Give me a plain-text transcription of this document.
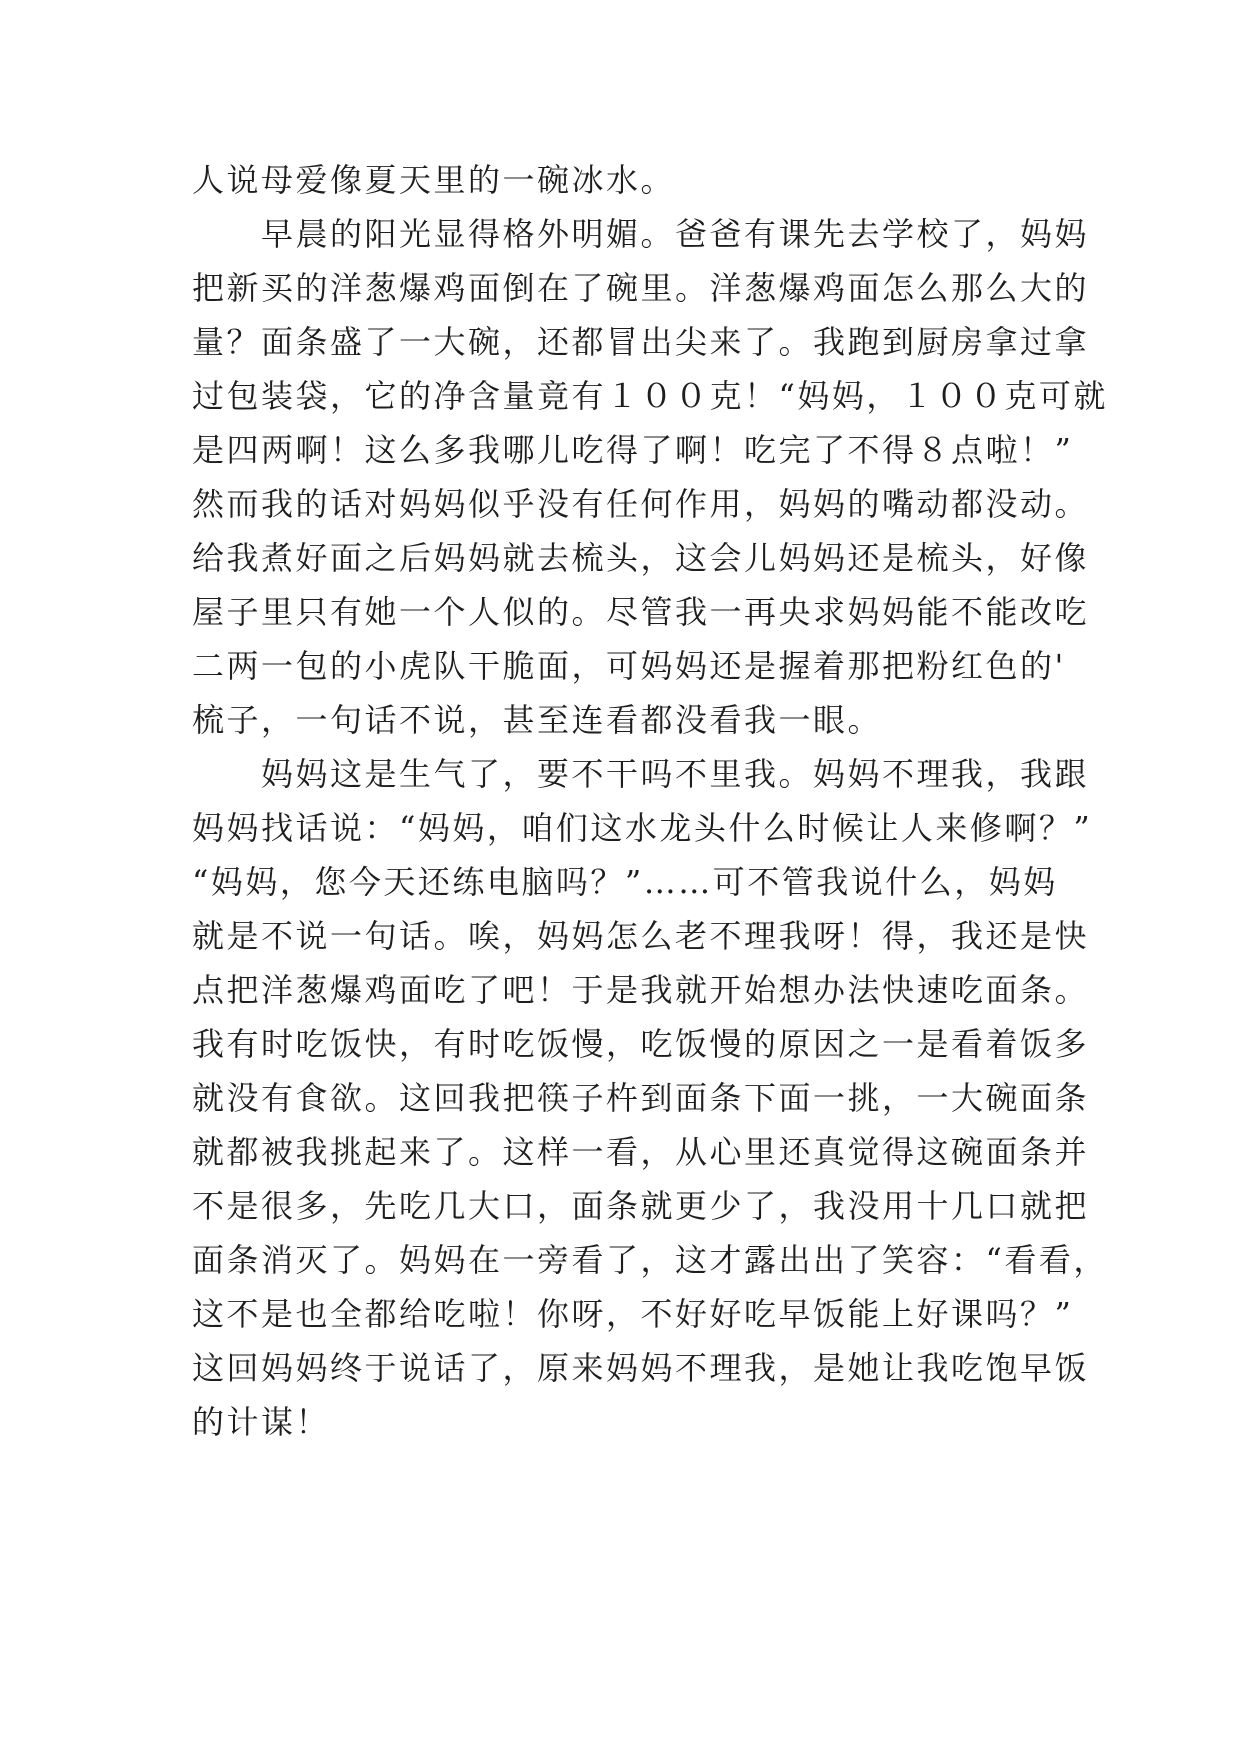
人说母爱像夏天里的一碗冰水。
　　早晨的阳光显得格外明媚。爸爸有课先去学校了，妈妈
把新买的洋葱爆鸡面倒在了碗里。洋葱爆鸡面怎么那么大的
量？面条盛了一大碗，还都冒出尖来了。我跑到厨房拿过拿
过包装袋，它的净含量竟有１００克！“妈妈，１００克可就
是四两啊！这么多我哪儿吃得了啊！吃完了不得８点啦！”
然而我的话对妈妈似乎没有任何作用，妈妈的嘴动都没动。
给我煮好面之后妈妈就去梳头，这会儿妈妈还是梳头，好像
屋子里只有她一个人似的。尽管我一再央求妈妈能不能改吃
二两一包的小虎队干脆面，可妈妈还是握着那把粉红色的'
梳子，一句话不说，甚至连看都没看我一眼。
　　妈妈这是生气了，要不干吗不里我。妈妈不理我，我跟
妈妈找话说：“妈妈，咱们这水龙头什么时候让人来修啊？”
“妈妈，您今天还练电脑吗？”……可不管我说什么，妈妈
就是不说一句话。唉，妈妈怎么老不理我呀！得，我还是快
点把洋葱爆鸡面吃了吧！于是我就开始想办法快速吃面条。
我有时吃饭快，有时吃饭慢，吃饭慢的原因之一是看着饭多
就没有食欲。这回我把筷子杵到面条下面一挑，一大碗面条
就都被我挑起来了。这样一看，从心里还真觉得这碗面条并
不是很多，先吃几大口，面条就更少了，我没用十几口就把
面条消灭了。妈妈在一旁看了，这才露出出了笑容：“看看，
这不是也全都给吃啦！你呀，不好好吃早饭能上好课吗？”
这回妈妈终于说话了，原来妈妈不理我，是她让我吃饱早饭
的计谋！
